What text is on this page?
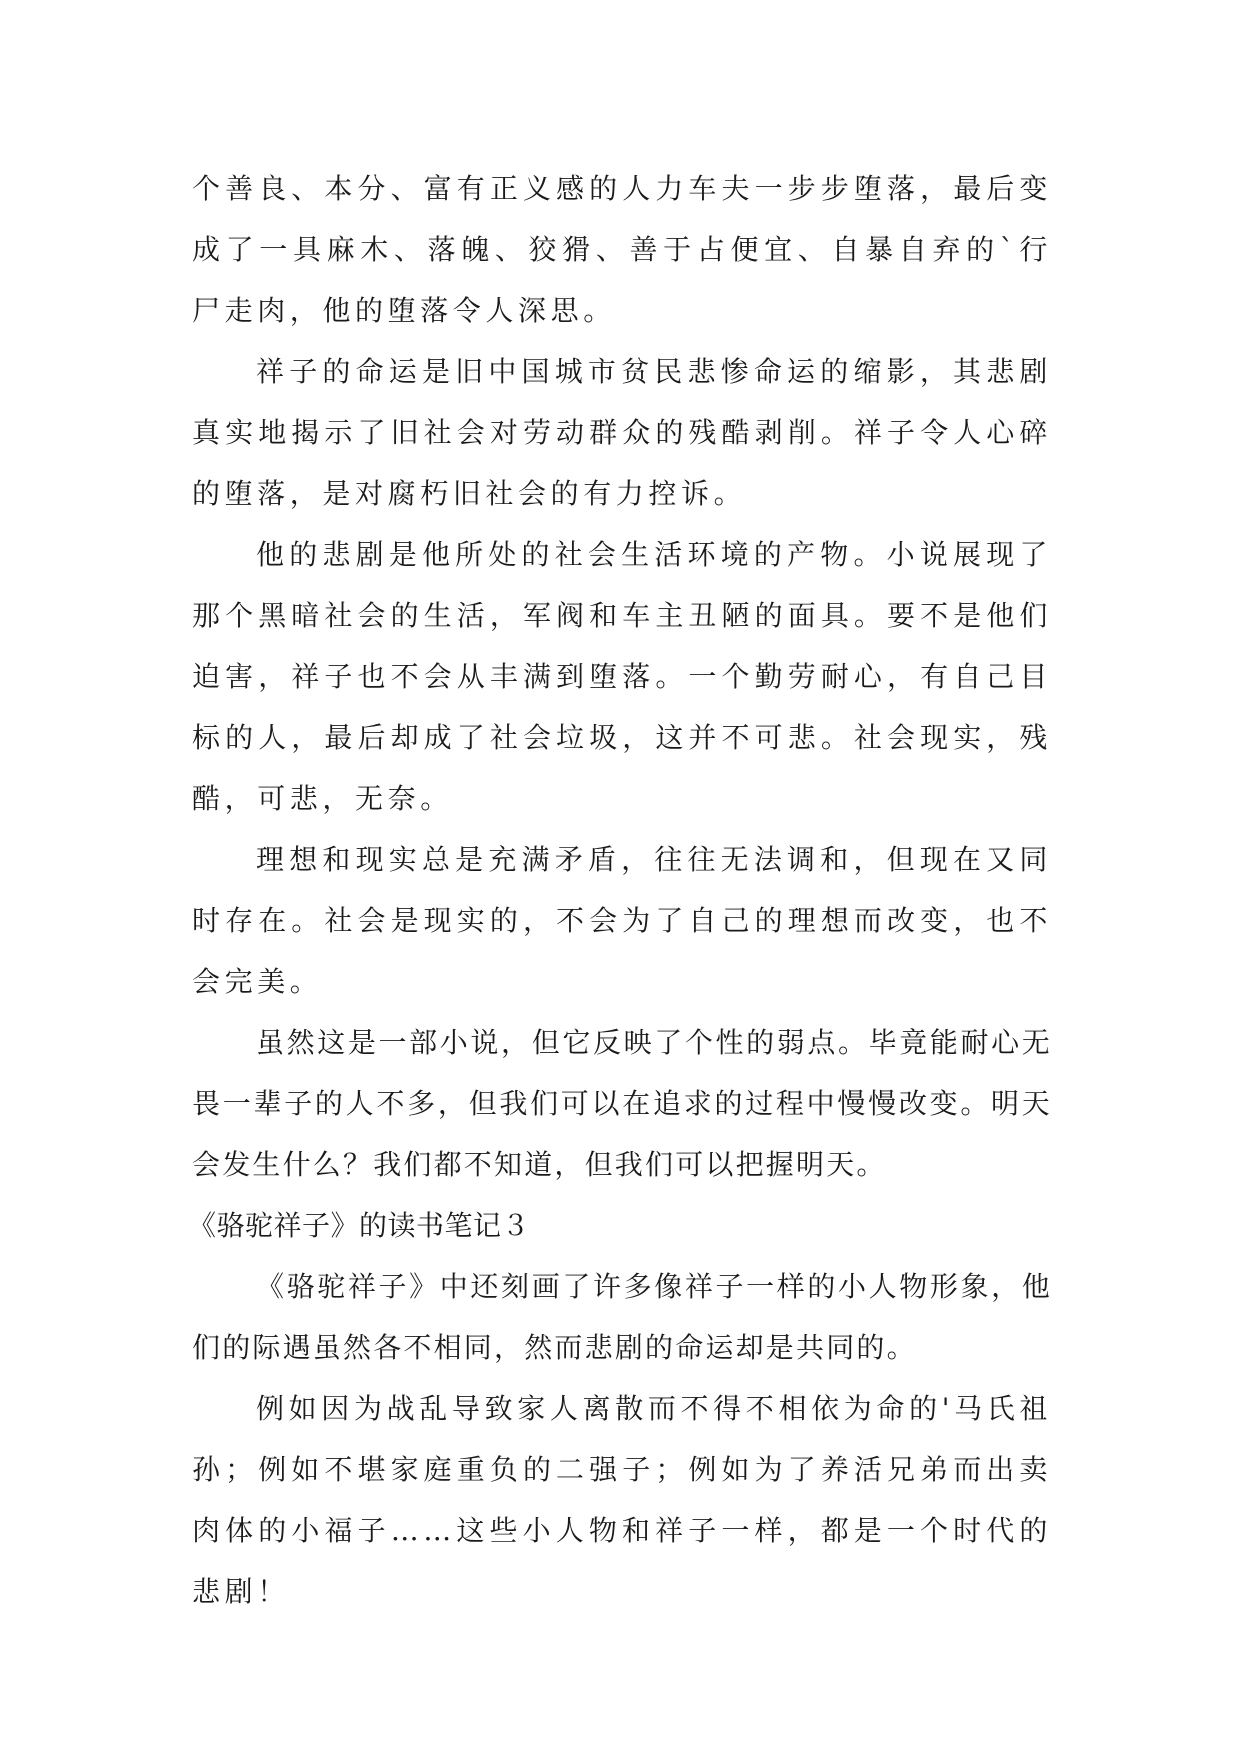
个善良、本分、富有正义感的人力车夫一步步堕落，最后变成了一具麻木、落魄、狡猾、善于占便宜、自暴自弃的`行尸走肉，他的堕落令人深思。

祥子的命运是旧中国城市贫民悲惨命运的缩影，其悲剧真实地揭示了旧社会对劳动群众的残酷剥削。祥子令人心碎的堕落，是对腐朽旧社会的有力控诉。

他的悲剧是他所处的社会生活环境的产物。小说展现了那个黑暗社会的生活，军阀和车主丑陋的面具。要不是他们迫害，祥子也不会从丰满到堕落。一个勤劳耐心，有自己目标的人，最后却成了社会垃圾，这并不可悲。社会现实，残酷，可悲，无奈。

理想和现实总是充满矛盾，往往无法调和，但现在又同时存在。社会是现实的，不会为了自己的理想而改变，也不会完美。

虽然这是一部小说，但它反映了个性的弱点。毕竟能耐心无畏一辈子的人不多，但我们可以在追求的过程中慢慢改变。明天会发生什么？我们都不知道，但我们可以把握明天。

《骆驼祥子》的读书笔记３

《骆驼祥子》中还刻画了许多像祥子一样的小人物形象，他们的际遇虽然各不相同，然而悲剧的命运却是共同的。

例如因为战乱导致家人离散而不得不相依为命的'马氏祖孙；例如不堪家庭重负的二强子；例如为了养活兄弟而出卖肉体的小福子……这些小人物和祥子一样，都是一个时代的悲剧！
